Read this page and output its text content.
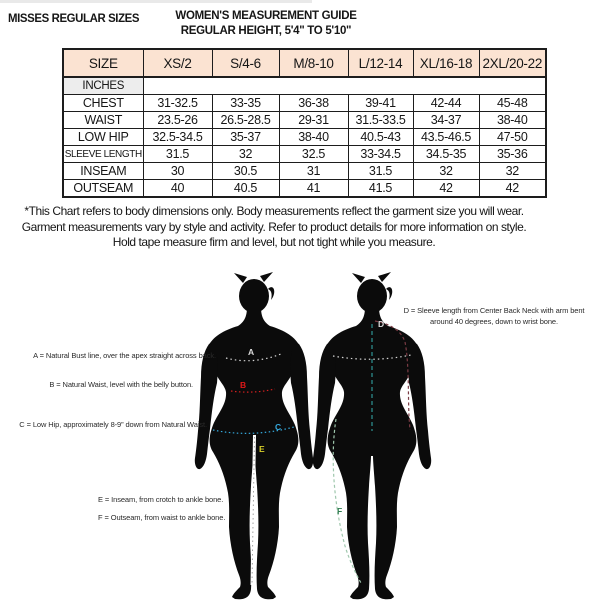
MISSES REGULAR SIZES	WOMEN'S MEASUREMENT GUIDE
REGULAR HEIGHT, 5'4" TO 5'10"
SIZE	XS/2	S/4-6	M/8-10	L/12-14	XL/16-18	2XL/20-22
INCHES						
CHEST	31-32.5	33-35	36-38	39-41	42-44	45-48
WAIST	23.5-26	26.5-28.5	29-31	31.5-33.5	34-37	38-40
LOW HIP	32.5-34.5	35-37	38-40	40.5-43	43.5-46.5	47-50
SLEEVE LENGTH	31.5	32	32.5	33-34.5	34.5-35	35-36
INSEAM	30	30.5	31	31.5	32	32
OUTSEAM	40	40.5	41	41.5	42	42
*This Chart refers to body dimensions only. Body measurements reflect the garment size you will wear.
Garment measurements vary by style and activity. Refer to product details for more information on style.
Hold tape measure firm and level, but not tight while you measure.
A
B
C
E
D
F
A = Natural Bust line, over the apex straight across back.
B = Natural Waist, level with the belly button.
C = Low Hip, approximately 8-9” down from Natural Waist.
D = Sleeve length from Center Back Neck with arm bent
around 40 degrees, down to wrist bone.
E = Inseam, from crotch to ankle bone.
F = Outseam, from waist to ankle bone.
